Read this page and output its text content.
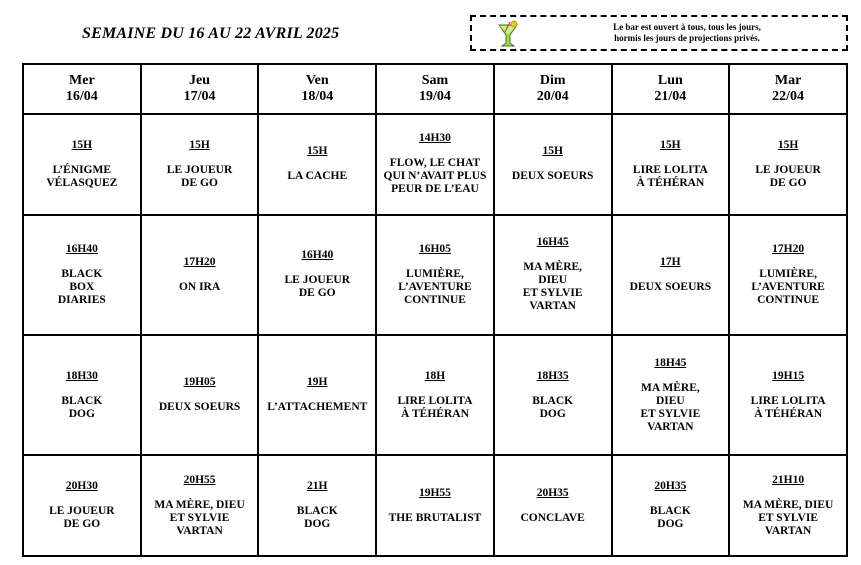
SEMAINE DU 16 AU 22 AVRIL 2025	Le bar est ouvert à tous, tous les jours,
hormis les jours de projections privés.
Mer
16/04	Jeu
17/04	Ven
18/04	Sam
19/04	Dim
20/04	Lun
21/04	Mar
22/04

15H
L’ÉNIGME
VÉLASQUEZ	15H
LE JOUEUR
DE GO	15H
LA CACHE	14H30
FLOW, LE CHAT
QUI N’AVAIT PLUS
PEUR DE L’EAU	15H
DEUX SOEURS	15H
LIRE LOLITA
À TÉHÉRAN	15H
LE JOUEUR
DE GO

16H40
BLACK
BOX
DIARIES	17H20
ON IRA	16H40
LE JOUEUR
DE GO	16H05
LUMIÈRE,
L’AVENTURE
CONTINUE	16H45
MA MÈRE,
DIEU
ET SYLVIE
VARTAN	17H
DEUX SOEURS	17H20
LUMIÈRE,
L’AVENTURE
CONTINUE

18H30
BLACK
DOG	19H05
DEUX SOEURS	19H
L’ATTACHEMENT	18H
LIRE LOLITA
À TÉHÉRAN	18H35
BLACK
DOG	18H45
MA MÈRE,
DIEU
ET SYLVIE
VARTAN	19H15
LIRE LOLITA
À TÉHÉRAN

20H30
LE JOUEUR
DE GO	20H55
MA MÈRE, DIEU
ET SYLVIE
VARTAN	21H
BLACK
DOG	19H55
THE BRUTALIST	20H35
CONCLAVE	20H35
BLACK
DOG	21H10
MA MÈRE, DIEU
ET SYLVIE
VARTAN
